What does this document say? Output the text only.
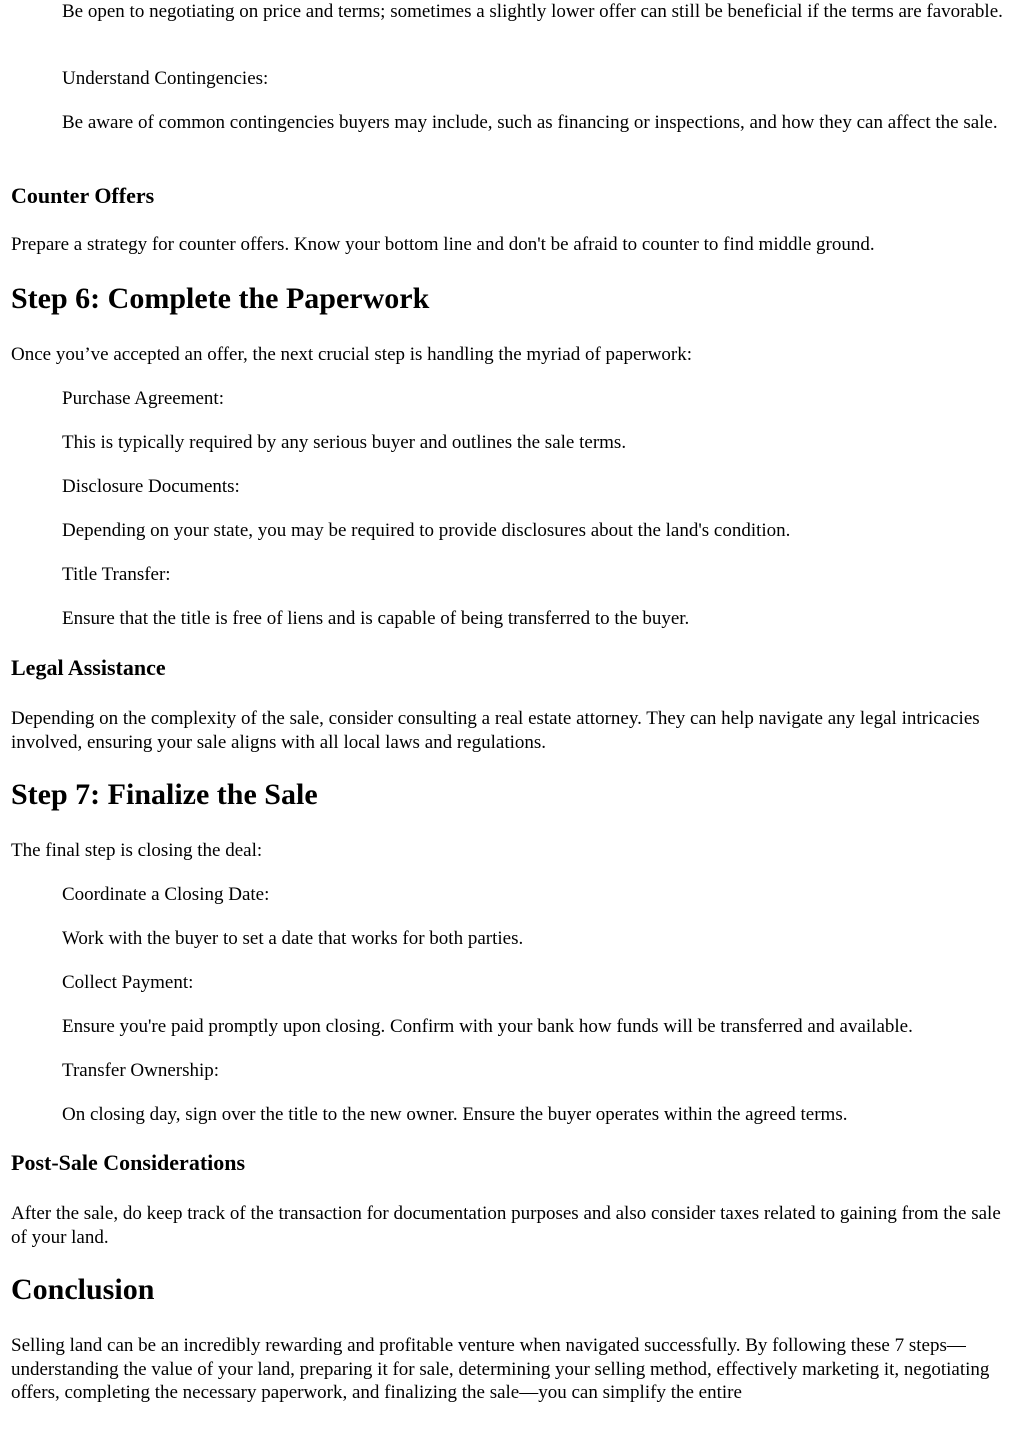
Be open to negotiating on price and terms; sometimes a slightly lower offer can still be beneficial if the terms are favorable.

Understand Contingencies:

Be aware of common contingencies buyers may include, such as financing or inspections, and how they can affect the sale.

Counter Offers

Prepare a strategy for counter offers. Know your bottom line and don't be afraid to counter to find middle ground.

Step 6: Complete the Paperwork

Once you’ve accepted an offer, the next crucial step is handling the myriad of paperwork:

Purchase Agreement:

This is typically required by any serious buyer and outlines the sale terms.

Disclosure Documents:

Depending on your state, you may be required to provide disclosures about the land's condition.

Title Transfer:

Ensure that the title is free of liens and is capable of being transferred to the buyer.

Legal Assistance

Depending on the complexity of the sale, consider consulting a real estate attorney. They can help navigate any legal intricacies involved, ensuring your sale aligns with all local laws and regulations.

Step 7: Finalize the Sale

The final step is closing the deal:

Coordinate a Closing Date:

Work with the buyer to set a date that works for both parties.

Collect Payment:

Ensure you're paid promptly upon closing. Confirm with your bank how funds will be transferred and available.

Transfer Ownership:

On closing day, sign over the title to the new owner. Ensure the buyer operates within the agreed terms.

Post-Sale Considerations

After the sale, do keep track of the transaction for documentation purposes and also consider taxes related to gaining from the sale of your land.

Conclusion

Selling land can be an incredibly rewarding and profitable venture when navigated successfully. By following these 7 steps—understanding the value of your land, preparing it for sale, determining your selling method, effectively marketing it, negotiating offers, completing the necessary paperwork, and finalizing the sale—you can simplify the entire
